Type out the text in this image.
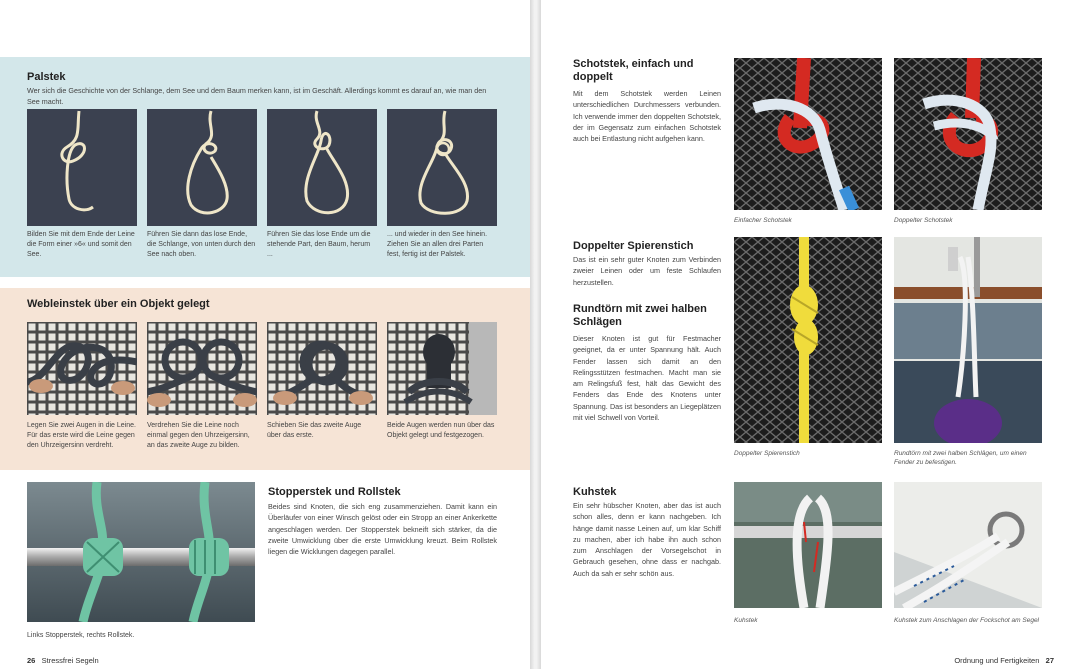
Palstek
Wer sich die Geschichte von der Schlange, dem See und dem Baum merken kann, ist im Geschäft. Allerdings kommt es darauf an, wie man den See macht.
Bilden Sie mit dem Ende der Leine die Form einer »6« und somit den See.
Führen Sie dann das lose Ende, die Schlange, von unten durch den See nach oben.
Führen Sie das lose Ende um die stehende Part, den Baum, herum ...
... und wieder in den See hinein. Ziehen Sie an allen drei Parten fest, fertig ist der Palstek.
Webleinstek über ein Objekt gelegt
Legen Sie zwei Augen in die Leine. Für das erste wird die Leine gegen den Uhrzeigersinn verdreht.
Verdrehen Sie die Leine noch einmal gegen den Uhrzeigersinn, an das zweite Auge zu bilden.
Schieben Sie das zweite Auge über das erste.
Beide Augen werden nun über das Objekt gelegt und festgezogen.
Links Stopperstek, rechts Rollstek.
Stopperstek und Rollstek
Beides sind Knoten, die sich eng zusammenziehen. Damit kann ein Überläufer von einer Winsch gelöst oder ein Stropp an einer Ankerkette angeschlagen werden. Der Stopperstek bekneift sich stärker, da die zweite Umwicklung über die erste Umwicklung kreuzt. Beim Rollstek liegen die Wicklungen dagegen parallel.
26 Stressfrei Segeln
Schotstek, einfach und doppelt
Mit dem Schotstek werden Leinen unterschiedlichen Durchmessers verbunden. Ich verwende immer den doppelten Schotstek, der im Gegensatz zum einfachen Schotstek auch bei Entlastung nicht aufgehen kann.
Einfacher Schotstek	Doppelter Schotstek
Doppelter Spierenstich
Das ist ein sehr guter Knoten zum Verbinden zweier Leinen oder um feste Schlaufen herzustellen.
Rundtörn mit zwei halben Schlägen
Dieser Knoten ist gut für Festmacher geeignet, da er unter Spannung hält. Auch Fender lassen sich damit an den Relingsstützen festmachen. Macht man sie am Relingsfuß fest, hält das Gewicht des Fenders das Ende des Knotens unter Spannung. Das ist besonders an Liegeplätzen mit viel Schwell von Vorteil.
Doppelter Spierenstich	Rundtörn mit zwei halben Schlägen, um einen Fender zu befestigen.
Kuhstek
Ein sehr hübscher Knoten, aber das ist auch schon alles, denn er kann nachgeben. Ich hänge damit nasse Leinen auf, um klar Schiff zu machen, aber ich habe ihn auch schon zum Anschlagen der Vorsegelschot in Gebrauch gesehen, ohne dass er nachgab. Auch da sah er sehr schön aus.
Kuhstek	Kuhstek zum Anschlagen der Fockschot am Segel
Ordnung und Fertigkeiten 27
